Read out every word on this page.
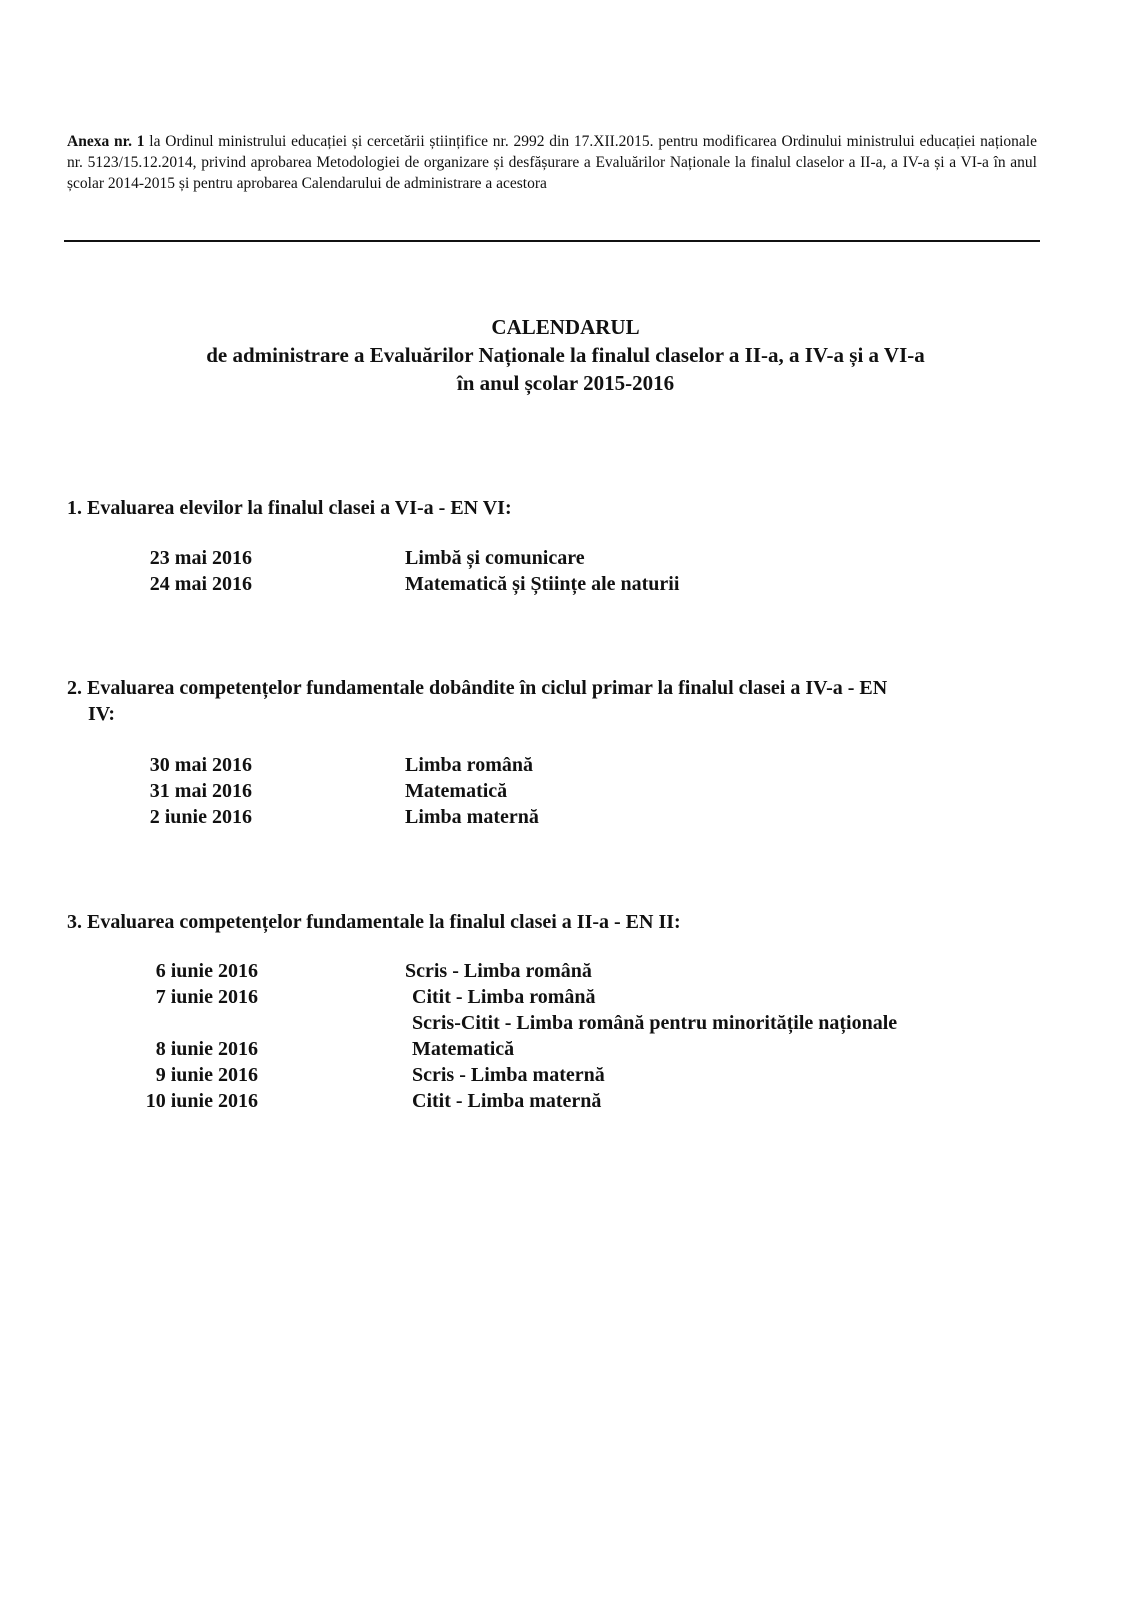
Anexa nr. 1 la Ordinul ministrului educației și cercetării științifice nr. 2992 din 17.XII.2015. pentru modificarea Ordinului ministrului educației naționale nr. 5123/15.12.2014, privind aprobarea Metodologiei de organizare și desfășurare a Evaluărilor Naționale la finalul claselor a II-a, a IV-a și a VI-a în anul școlar 2014-2015 și pentru aprobarea Calendarului de administrare a acestora
CALENDARUL
de administrare a Evaluărilor Naționale la finalul claselor a II-a, a IV-a și a VI-a
în anul școlar 2015-2016
1. Evaluarea elevilor la finalul clasei a VI-a - EN VI:
23 mai 2016	Limbă și comunicare
24 mai 2016	Matematică și Științe ale naturii
2. Evaluarea competențelor fundamentale dobândite în ciclul primar la finalul clasei a IV-a - EN
IV:
30 mai 2016	Limba română
31 mai 2016	Matematică
2 iunie 2016	Limba maternă
3. Evaluarea competențelor fundamentale la finalul clasei a II-a - EN II:
6 iunie 2016	Scris - Limba română
7 iunie 2016	Citit - Limba română
Scris-Citit - Limba română pentru minoritățile naționale
8 iunie 2016	Matematică
9 iunie 2016	Scris - Limba maternă
10 iunie 2016	Citit - Limba maternă
